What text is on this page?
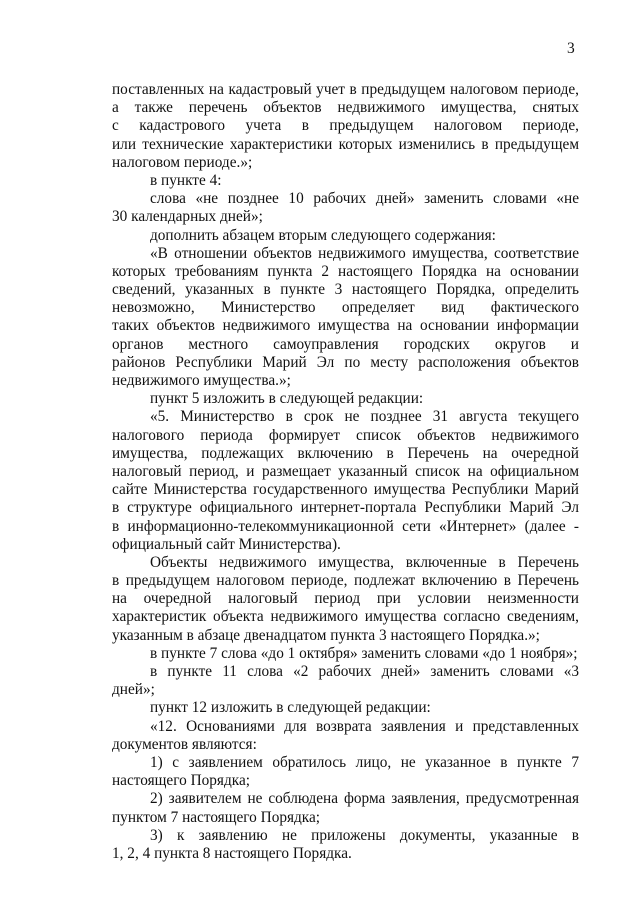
3
поставленных на кадастровый учет в предыдущем налоговом периоде,
а также перечень объектов недвижимого имущества, снятых
с кадастрового учета в предыдущем налоговом периоде,
или технические характеристики которых изменились в предыдущем
налоговом периоде.»;
в пункте 4:
слова «не позднее 10 рабочих дней» заменить словами «не
30 календарных дней»;
дополнить абзацем вторым следующего содержания:
«В отношении объектов недвижимого имущества, соответствие
которых требованиям пункта 2 настоящего Порядка на основании
сведений, указанных в пункте 3 настоящего Порядка, определить
невозможно, Министерство определяет вид фактического
таких объектов недвижимого имущества на основании информации
органов местного самоуправления городских округов и
районов Республики Марий Эл по месту расположения объектов
недвижимого имущества.»;
пункт 5 изложить в следующей редакции:
«5. Министерство в срок не позднее 31 августа текущего
налогового периода формирует список объектов недвижимого
имущества, подлежащих включению в Перечень на очередной
налоговый период, и размещает указанный список на официальном
сайте Министерства государственного имущества Республики Марий
в структуре официального интернет-портала Республики Марий Эл
в информационно-телекоммуникационной сети «Интернет» (далее -
официальный сайт Министерства).
Объекты недвижимого имущества, включенные в Перечень
в предыдущем налоговом периоде, подлежат включению в Перечень
на очередной налоговый период при условии неизменности
характеристик объекта недвижимого имущества согласно сведениям,
указанным в абзаце двенадцатом пункта 3 настоящего Порядка.»;
в пункте 7 слова «до 1 октября» заменить словами «до 1 ноября»;
в пункте 11 слова «2 рабочих дней» заменить словами «3
дней»;
пункт 12 изложить в следующей редакции:
«12. Основаниями для возврата заявления и представленных
документов являются:
1) с заявлением обратилось лицо, не указанное в пункте 7
настоящего Порядка;
2) заявителем не соблюдена форма заявления, предусмотренная
пунктом 7 настоящего Порядка;
3) к заявлению не приложены документы, указанные в
1, 2, 4 пункта 8 настоящего Порядка.
